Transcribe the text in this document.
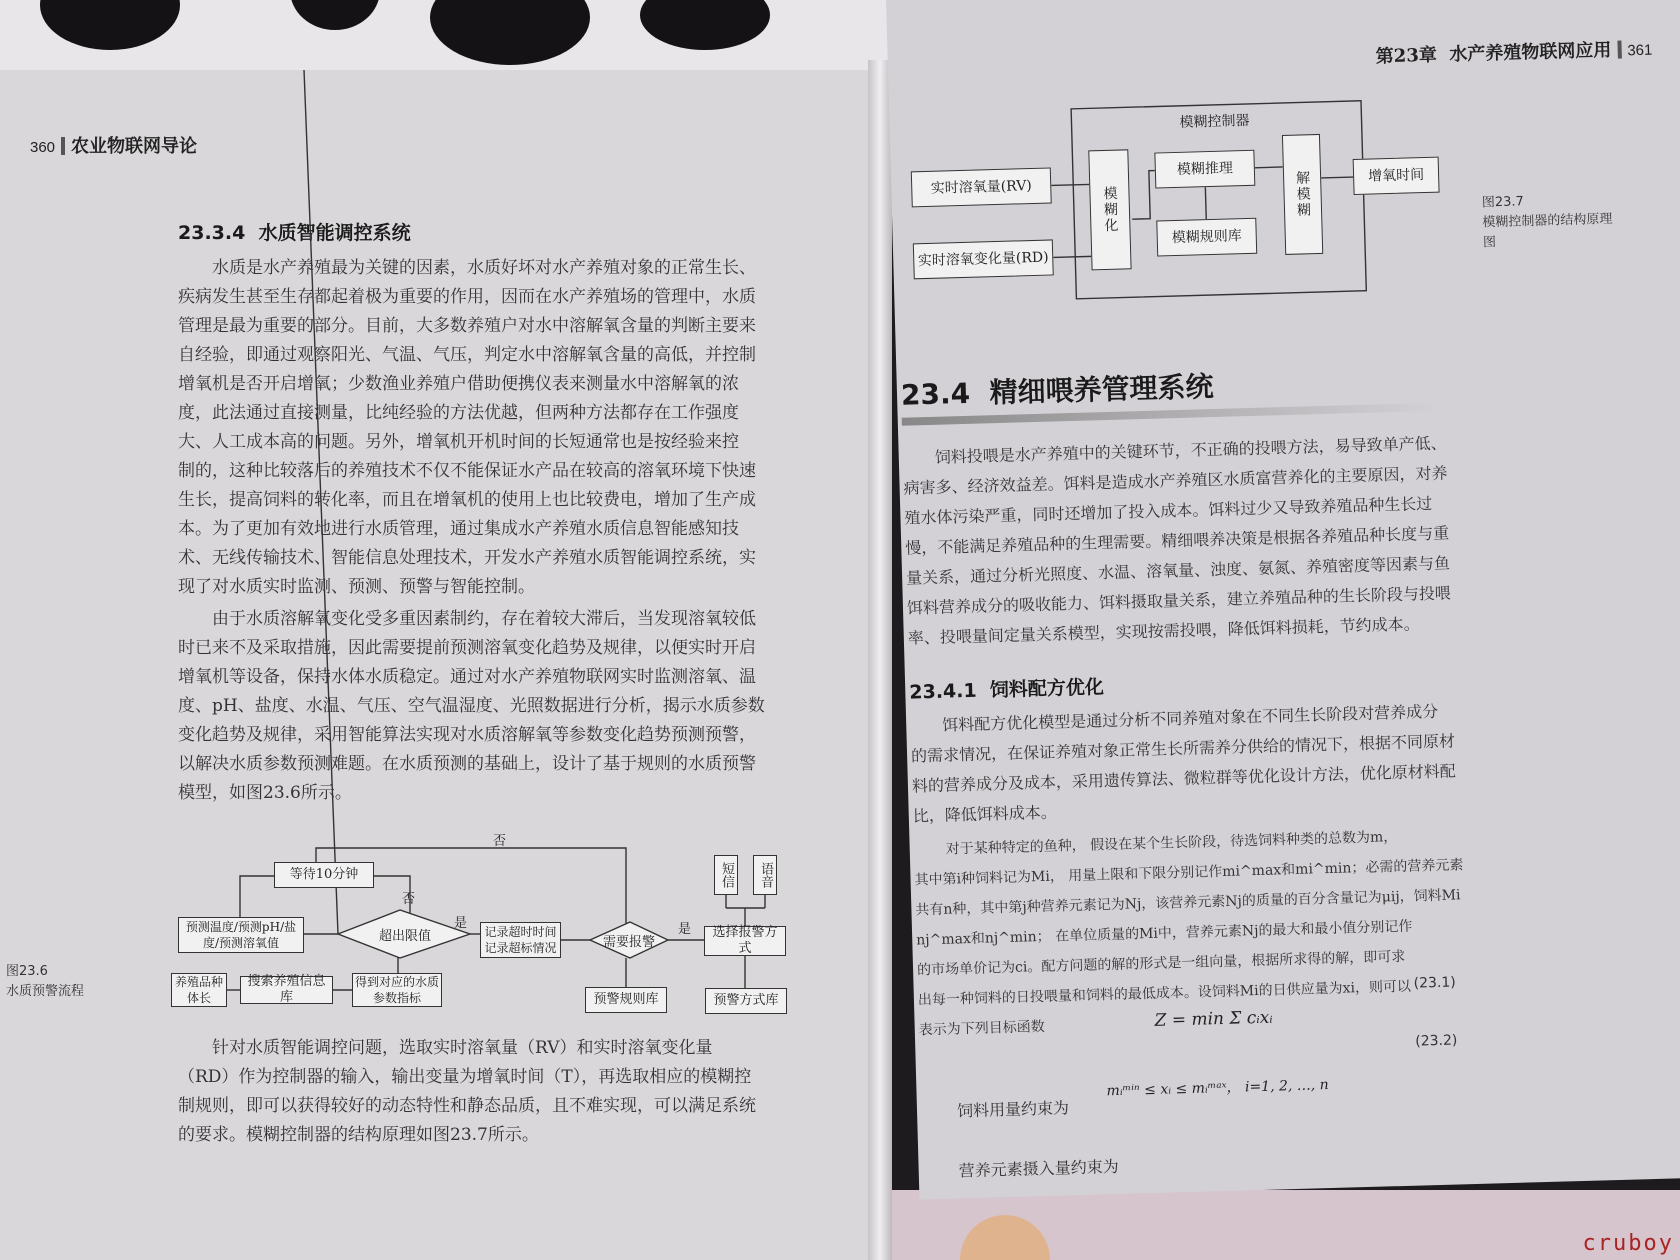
360 农业物联网导论
23.3.4 水质智能调控系统
水质是水产养殖最为关键的因素，水质好坏对水产养殖对象的正常生长、
疾病发生甚至生存都起着极为重要的作用，因而在水产养殖场的管理中，水质
管理是最为重要的部分。目前，大多数养殖户对水中溶解氧含量的判断主要来
自经验，即通过观察阳光、气温、气压，判定水中溶解氧含量的高低，并控制
增氧机是否开启增氧；少数渔业养殖户借助便携仪表来测量水中溶解氧的浓
度，此法通过直接测量，比纯经验的方法优越，但两种方法都存在工作强度
大、人工成本高的问题。另外，增氧机开机时间的长短通常也是按经验来控
制的，这种比较落后的养殖技术不仅不能保证水产品在较高的溶氧环境下快速
生长，提高饲料的转化率，而且在增氧机的使用上也比较费电，增加了生产成
本。为了更加有效地进行水质管理，通过集成水产养殖水质信息智能感知技
术、无线传输技术、智能信息处理技术，开发水产养殖水质智能调控系统，实
现了对水质实时监测、预测、预警与智能控制。
由于水质溶解氧变化受多重因素制约，存在着较大滞后，当发现溶氧较低
时已来不及采取措施，因此需要提前预测溶氧变化趋势及规律，以便实时开启
增氧机等设备，保持水体水质稳定。通过对水产养殖物联网实时监测溶氧、温
度、pH、盐度、水温、气压、空气温湿度、光照数据进行分析，揭示水质参数
变化趋势及规律，采用智能算法实现对水质溶解氧等参数变化趋势预测预警，
以解决水质参数预测难题。在水质预测的基础上，设计了基于规则的水质预警
模型，如图23.6所示。
等待10分钟
预测温度/预测pH/盐度/预测溶氧值	超出限值	记录超时时间 记录超标情况	需要报警
选择报警方式
短信	语音
养殖品种体长
搜索养殖信息库
得到对应的水质参数指标	预警规则库	预警方式库
否
否
是	是
图23.6
水质预警流程
针对水质智能调控问题，选取实时溶氧量（RV）和实时溶氧变化量
（RD）作为控制器的输入，输出变量为增氧时间（T），再选取相应的模糊控
制规则，即可以获得较好的动态特性和静态品质，且不难实现，可以满足系统
的要求。模糊控制器的结构原理如图23.7所示。
第23章 水产养殖物联网应用 361
模糊控制器
实时溶氧量(RV)
实时溶氧变化量(RD)
模糊化
模糊推理
模糊规则库
解模糊	增氧时间
图23.7
模糊控制器的结构原理图
23.4 精细喂养管理系统
饲料投喂是水产养殖中的关键环节，不正确的投喂方法，易导致单产低、
病害多、经济效益差。饵料是造成水产养殖区水质富营养化的主要原因，对养
殖水体污染严重，同时还增加了投入成本。饵料过少又导致养殖品种生长过
慢，不能满足养殖品种的生理需要。精细喂养决策是根据各养殖品种长度与重
量关系，通过分析光照度、水温、溶氧量、浊度、氨氮、养殖密度等因素与鱼
饵料营养成分的吸收能力、饵料摄取量关系，建立养殖品种的生长阶段与投喂
率、投喂量间定量关系模型，实现按需投喂，降低饵料损耗，节约成本。
23.4.1 饲料配方优化
饵料配方优化模型是通过分析不同养殖对象在不同生长阶段对营养成分
的需求情况，在保证养殖对象正常生长所需养分供给的情况下，根据不同原材
料的营养成分及成本，采用遗传算法、微粒群等优化设计方法，优化原材料配
比，降低饵料成本。
对于某种特定的鱼种， 假设在某个生长阶段，待选饲料种类的总数为m，
其中第i种饲料记为Mi， 用量上限和下限分别记作mi^max和mi^min；必需的营养元素
共有n种，其中第j种营养元素记为Nj，该营养元素Nj的质量的百分含量记为μij，饲料Mi
nj^max和nj^min； 在单位质量的Mi中，营养元素Nj的最大和最小值分别记作
的市场单价记为ci。配方问题的解的形式是一组向量，根据所求得的解，即可求
出每一种饲料的日投喂量和饲料的最低成本。设饲料Mi的日供应量为xi，则可以
表示为下列目标函数	Z = min Σ cᵢxᵢ
(23.1)
(23.2)
饲料用量约束为
mᵢᵐⁱⁿ ≤ xᵢ ≤ mᵢᵐᵃˣ， i=1, 2, …, n
营养元素摄入量约束为
cruboy
